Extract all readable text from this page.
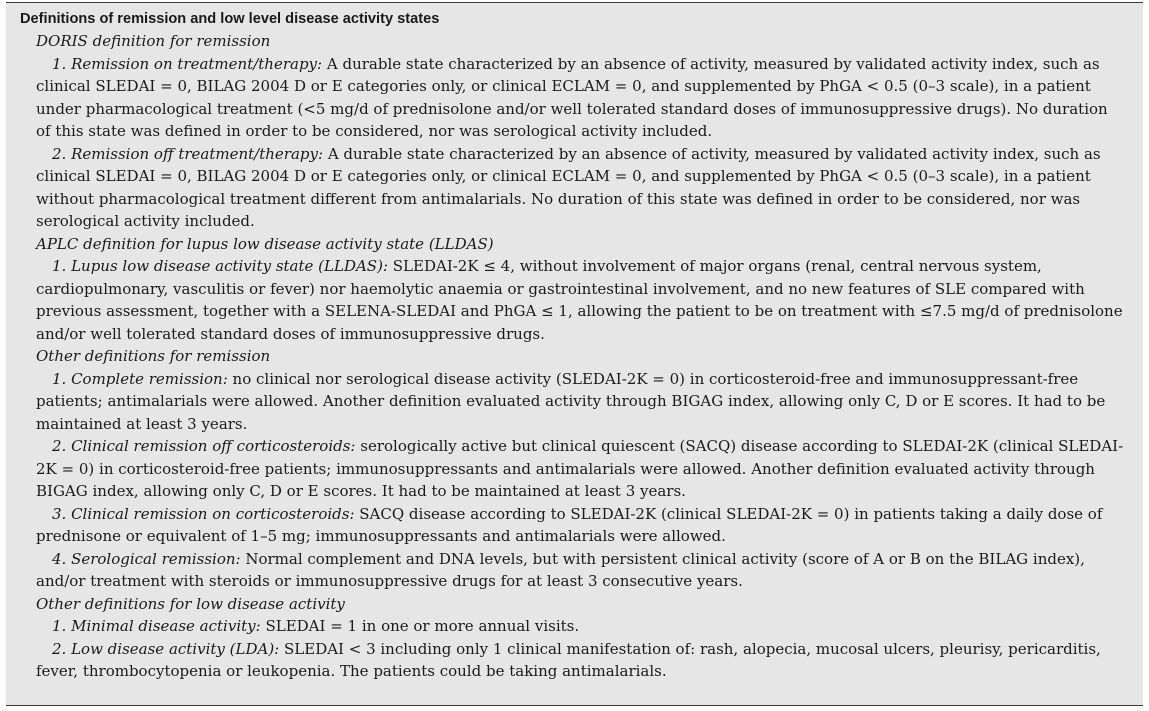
Definitions of remission and low level disease activity states
DORIS definition for remission
1. Remission on treatment/therapy: A durable state characterized by an absence of activity, measured by validated activity index, such as clinical SLEDAI = 0, BILAG 2004 D or E categories only, or clinical ECLAM = 0, and supplemented by PhGA < 0.5 (0–3 scale), in a patient under pharmacological treatment (<5 mg/d of prednisolone and/or well tolerated standard doses of immunosuppressive drugs). No duration of this state was defined in order to be considered, nor was serological activity included.
2. Remission off treatment/therapy: A durable state characterized by an absence of activity, measured by validated activity index, such as clinical SLEDAI = 0, BILAG 2004 D or E categories only, or clinical ECLAM = 0, and supplemented by PhGA < 0.5 (0–3 scale), in a patient without pharmacological treatment different from antimalarials. No duration of this state was defined in order to be considered, nor was serological activity included.
APLC definition for lupus low disease activity state (LLDAS)
1. Lupus low disease activity state (LLDAS): SLEDAI-2K ≤ 4, without involvement of major organs (renal, central nervous system, cardiopulmonary, vasculitis or fever) nor haemolytic anaemia or gastrointestinal involvement, and no new features of SLE compared with previous assessment, together with a SELENA-SLEDAI and PhGA ≤ 1, allowing the patient to be on treatment with ≤7.5 mg/d of prednisolone and/or well tolerated standard doses of immunosuppressive drugs.
Other definitions for remission
1. Complete remission: no clinical nor serological disease activity (SLEDAI-2K = 0) in corticosteroid-free and immunosuppressant-free patients; antimalarials were allowed. Another definition evaluated activity through BIGAG index, allowing only C, D or E scores. It had to be maintained at least 3 years.
2. Clinical remission off corticosteroids: serologically active but clinical quiescent (SACQ) disease according to SLEDAI-2K (clinical SLEDAI-2K = 0) in corticosteroid-free patients; immunosuppressants and antimalarials were allowed. Another definition evaluated activity through BIGAG index, allowing only C, D or E scores. It had to be maintained at least 3 years.
3. Clinical remission on corticosteroids: SACQ disease according to SLEDAI-2K (clinical SLEDAI-2K = 0) in patients taking a daily dose of prednisone or equivalent of 1–5 mg; immunosuppressants and antimalarials were allowed.
4. Serological remission: Normal complement and DNA levels, but with persistent clinical activity (score of A or B on the BILAG index), and/or treatment with steroids or immunosuppressive drugs for at least 3 consecutive years.
Other definitions for low disease activity
1. Minimal disease activity: SLEDAI = 1 in one or more annual visits.
2. Low disease activity (LDA): SLEDAI < 3 including only 1 clinical manifestation of: rash, alopecia, mucosal ulcers, pleurisy, pericarditis, fever, thrombocytopenia or leukopenia. The patients could be taking antimalarials.
